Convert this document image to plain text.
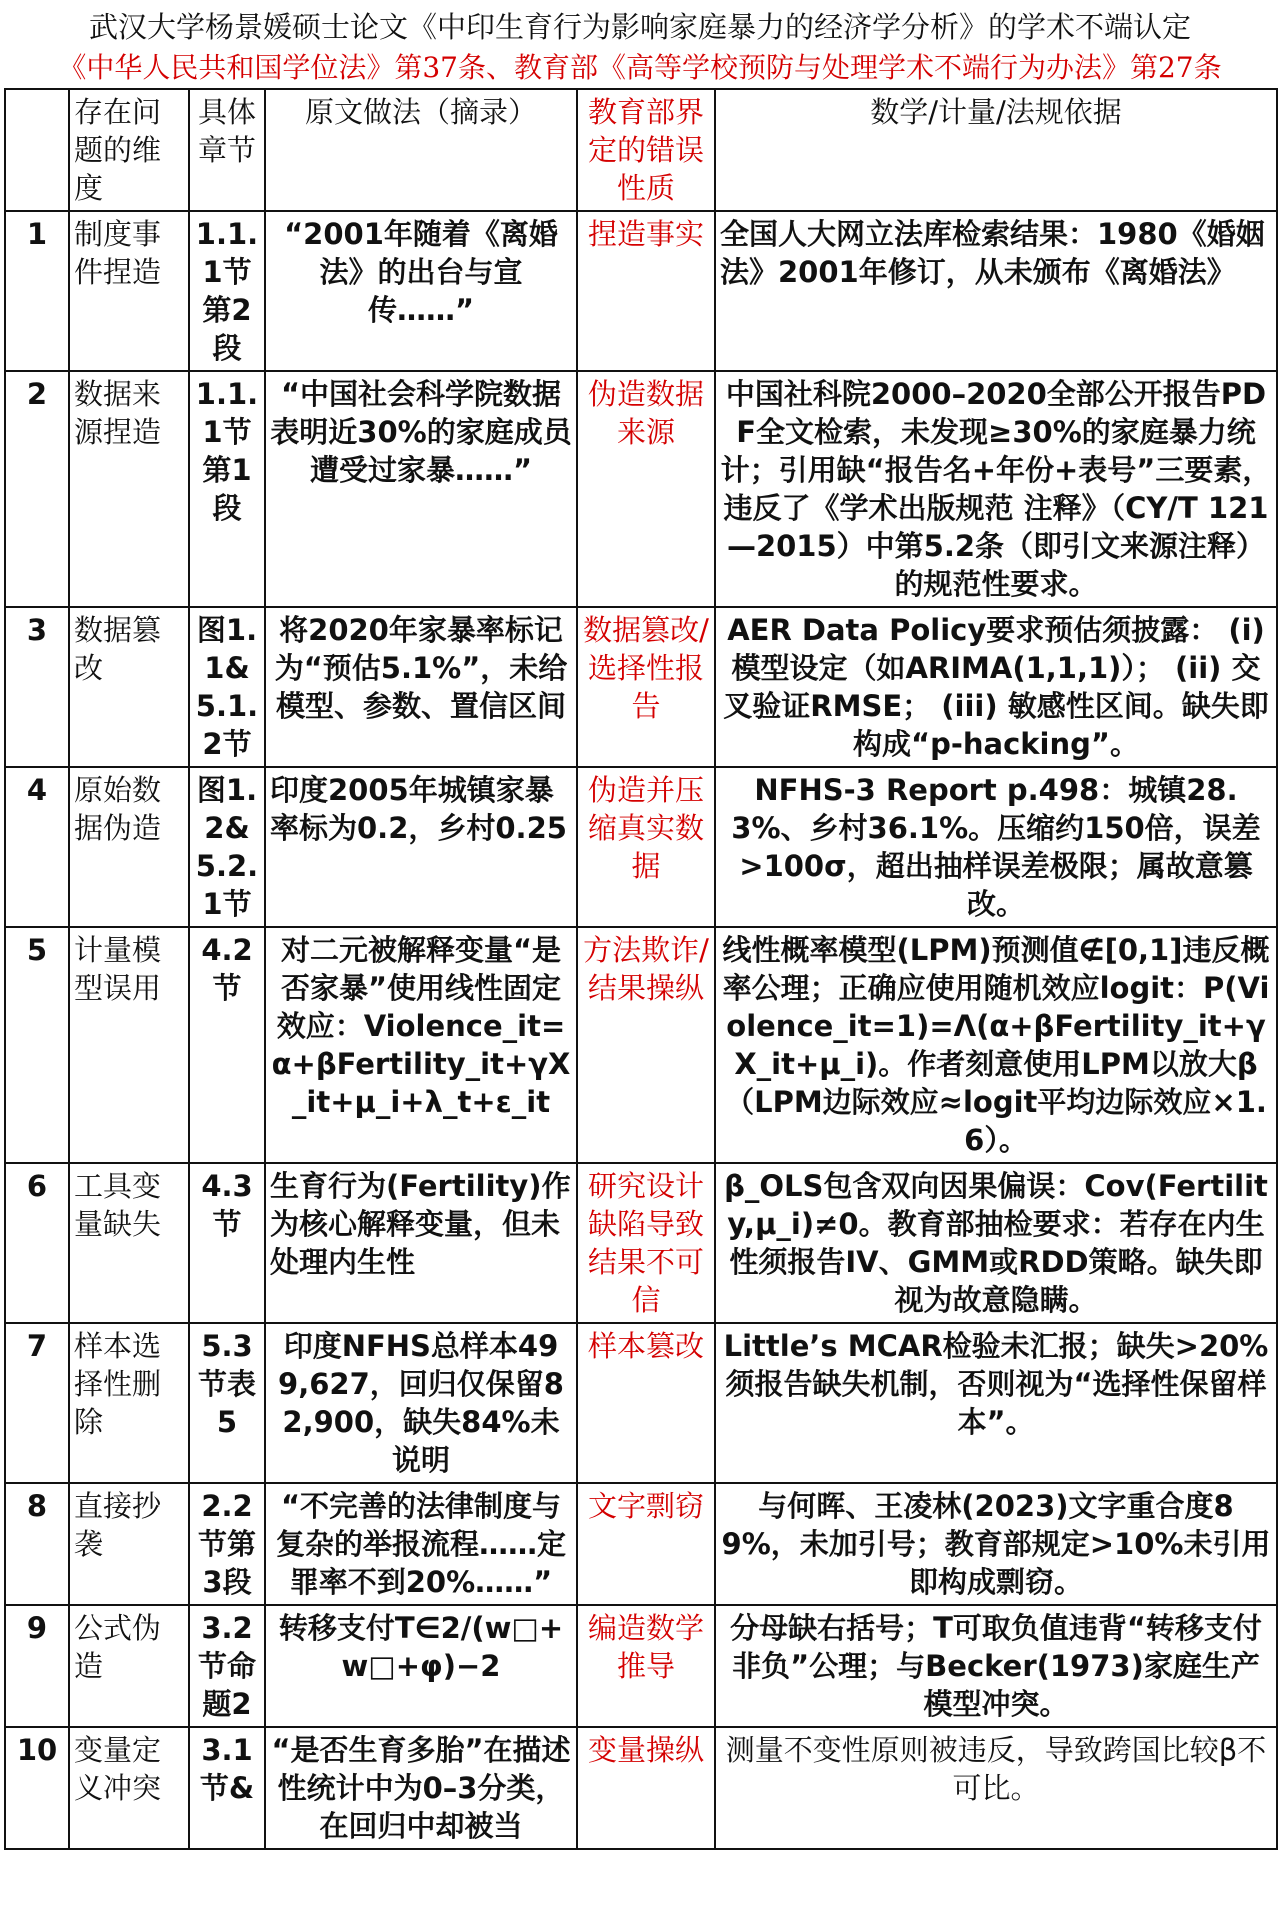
武汉大学杨景媛硕士论文《中印生育行为影响家庭暴力的经济学分析》的学术不端认定
《中华人民共和国学位法》第37条、教育部《高等学校预防与处理学术不端行为办法》第27条
	存在问题的维度	具体章节	原文做法（摘录）	教育部界定的错误性质	数学/计量/法规依据
1	制度事件捏造	1.1.1节第2段	“2001年随着《离婚法》的出台与宣传……”	捏造事实	全国人大网立法库检索结果：1980《婚姻法》2001年修订，从未颁布《离婚法》
2	数据来源捏造	1.1.1节第1段	“中国社会科学院数据表明近30%的家庭成员遭受过家暴……”	伪造数据来源	中国社科院2000–2020全部公开报告PDF全文检索，未发现≥30%的家庭暴力统计；引用缺“报告名+年份+表号”三要素，违反了《学术出版规范 注释》（CY/T 121—2015）中第5.2条（即引文来源注释）的规范性要求。
3	数据篡改	图1.1&5.1.2节	将2020年家暴率标记为“预估5.1%”，未给模型、参数、置信区间	数据篡改/选择性报告	AER Data Policy要求预估须披露： (i) 模型设定（如ARIMA(1,1,1)）； (ii) 交叉验证RMSE； (iii) 敏感性区间。缺失即构成“p-hacking”。
4	原始数据伪造	图1.2&5.2.1节	印度2005年城镇家暴率标为0.2，乡村0.25	伪造并压缩真实数据	NFHS-3 Report p.498：城镇28.3%、乡村36.1%。压缩约150倍，误差>100σ，超出抽样误差极限；属故意篡改。
5	计量模型误用	4.2节	对二元被解释变量“是否家暴”使用线性固定效应：Violence_it=α+βFertility_it+γX_it+μ_i+λ_t+ε_it	方法欺诈/结果操纵	线性概率模型(LPM)预测值∉[0,1]违反概率公理；正确应使用随机效应logit：P(Violence_it=1)=Λ(α+βFertility_it+γX_it+μ_i)。作者刻意使用LPM以放大β（LPM边际效应≈logit平均边际效应×1.6）。
6	工具变量缺失	4.3节	生育行为(Fertility)作为核心解释变量，但未处理内生性	研究设计缺陷导致结果不可信	β_OLS包含双向因果偏误：Cov(Fertility,μ_i)≠0。教育部抽检要求：若存在内生性须报告IV、GMM或RDD策略。缺失即视为故意隐瞒。
7	样本选择性删除	5.3节表5	印度NFHS总样本499,627，回归仅保留82,900，缺失84%未说明	样本篡改	Little’s MCAR检验未汇报；缺失>20%须报告缺失机制，否则视为“选择性保留样本”。
8	直接抄袭	2.2节第3段	“不完善的法律制度与复杂的举报流程……定罪率不到20%……”	文字剽窃	与何晖、王凌林(2023)文字重合度89%，未加引号；教育部规定>10%未引用即构成剽窃。
9	公式伪造	3.2节命题2	转移支付T∈2/(w□+w□+φ)−2	编造数学推导	分母缺右括号；T可取负值违背“转移支付非负”公理；与Becker(1973)家庭生产模型冲突。
10	变量定义冲突	3.1节&	“是否生育多胎”在描述性统计中为0–3分类，在回归中却被当	变量操纵	测量不变性原则被违反，导致跨国比较β不可比。
